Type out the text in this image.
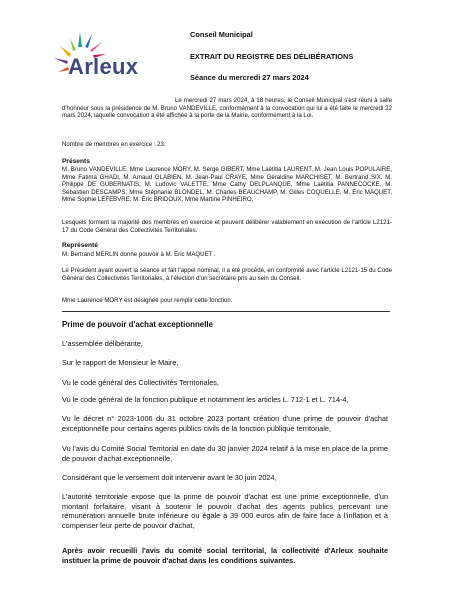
Arleux
Conseil Municipal
EXTRAIT DU REGISTRE DES DÉLIBÉRATIONS
Séance du mercredi 27 mars 2024
Le mercredi 27 mars 2024, à 18 heures, le Conseil Municipal s'est réuni à salle d'honneur sous la présidence de M. Bruno VANDEVILLE, conformément à la convocation qui lui a été faite le mercredi 22 mars 2024, laquelle convocation a été affichée à la porte de la Mairie, conformément à la Loi.
Nombre de membres en exercice : 23.
Présents
M. Bruno VANDEVILLE, Mme Laurence MORY, M. Serge GIBERT, Mme Laëtitia LAURENT, M. Jean Louis POPULAIRE, Mme Fatima GHADI, M. Arnaud GLABIEN, M. Jean-Paul CRAYE, Mme Géraldine MARCHISET, M. Bertrand SIX, M. Philippe DE GUBERNATIS, M. Ludovic VALETTE, Mme Cathy DELPLANQUE, Mme Laëtitia PANNECOCKE, M. Sébastien DESCAMPS, Mme Stéphanie BLONDEL, M. Charles BEAUCHAMP, M. Gilles COQUELLE, M. Eric MAQUET, Mme Sophie LEFEBVRE, M. Éric BRIDOUX, Mme Martine PINHEIRO.
Lesquels forment la majorité des membres en exercice et peuvent délibérer valablement en exécution de l'article L2121-17 du Code Général des Collectivités Territoriales.
Représenté
M. Bertrand MERLIN donne pouvoir à M. Eric MAQUET .
Le Président ayant ouvert la séance et fait l'appel nominal, il a été procédé, en conformité avec l'article L2121-15 du Code Général des Collectivités Territoriales, à l'élection d'un secrétaire pris au sein du Conseil.
Mme Laurence MORY est désignée pour remplir cette fonction.
Prime de pouvoir d'achat exceptionnelle
L'assemblée délibérante,
Sur le rapport de Monsieur le Maire,
Vu le code général des Collectivités Territoriales,
Vu le code général de la fonction publique et notamment les articles L. 712-1 et L. 714-4,
Vu le décret n° 2023-1006 du 31 octobre 2023 portant création d'une prime de pouvoir d'achat exceptionnelle pour certains agents publics civils de la fonction publique territoriale,
Vu l'avis du Comité Social Territorial en date du 30 janvier 2024 relatif à la mise en place de la prime de pouvoir d'achat exceptionnelle,
Considérant que le versement doit intervenir avant le 30 juin 2024,
L'autorité territoriale expose que la prime de pouvoir d'achat est une prime exceptionnelle, d'un montant forfaitaire, visant à soutenir le pouvoir d'achat des agents publics percevant une rémunération annuelle brute inférieure ou égale à 39 000 euros afin de faire face à l'inflation et à compenser leur perte de pouvoir d'achat,
Après avoir recueilli l'avis du comité social territorial, la collectivité d'Arleux souhaite instituer la prime de pouvoir d'achat dans les conditions suivantes.
